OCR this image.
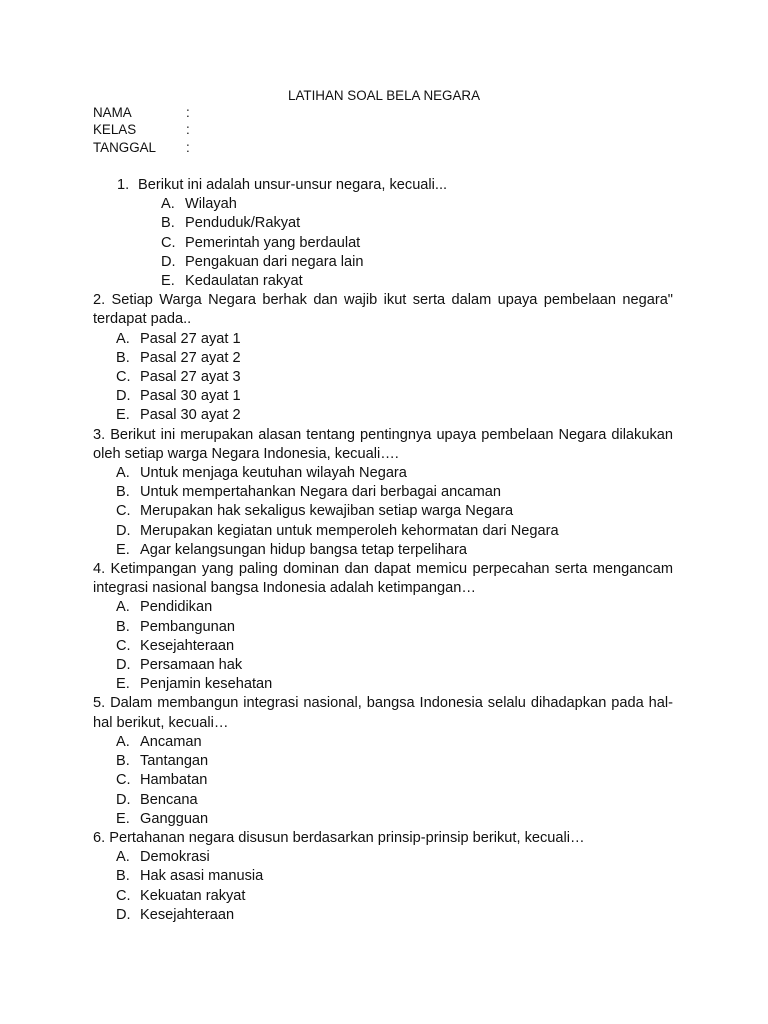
LATIHAN SOAL BELA NEGARA
NAMA	:
KELAS	:
TANGGAL	:
1. Berikut ini adalah unsur-unsur negara, kecuali...
A. Wilayah
B. Penduduk/Rakyat
C. Pemerintah yang berdaulat
D. Pengakuan dari negara lain
E. Kedaulatan rakyat
2. Setiap Warga Negara berhak dan wajib ikut serta dalam upaya pembelaan negara" terdapat pada..
A. Pasal 27 ayat 1
B. Pasal 27 ayat 2
C. Pasal 27 ayat 3
D. Pasal 30 ayat 1
E. Pasal 30 ayat 2
3. Berikut ini merupakan alasan tentang pentingnya upaya pembelaan Negara dilakukan oleh setiap warga Negara Indonesia, kecuali….
A. Untuk menjaga keutuhan wilayah Negara
B. Untuk mempertahankan Negara dari berbagai ancaman
C. Merupakan hak sekaligus kewajiban setiap warga Negara
D. Merupakan kegiatan untuk memperoleh kehormatan dari Negara
E. Agar kelangsungan hidup bangsa tetap terpelihara
4. Ketimpangan yang paling dominan dan dapat memicu perpecahan serta mengancam integrasi nasional bangsa Indonesia adalah ketimpangan…
A. Pendidikan
B. Pembangunan
C. Kesejahteraan
D. Persamaan hak
E. Penjamin kesehatan
5. Dalam membangun integrasi nasional, bangsa Indonesia selalu dihadapkan pada hal-hal berikut, kecuali…
A. Ancaman
B. Tantangan
C. Hambatan
D. Bencana
E. Gangguan
6. Pertahanan negara disusun berdasarkan prinsip-prinsip berikut, kecuali…
A. Demokrasi
B. Hak asasi manusia
C. Kekuatan rakyat
D. Kesejahteraan
